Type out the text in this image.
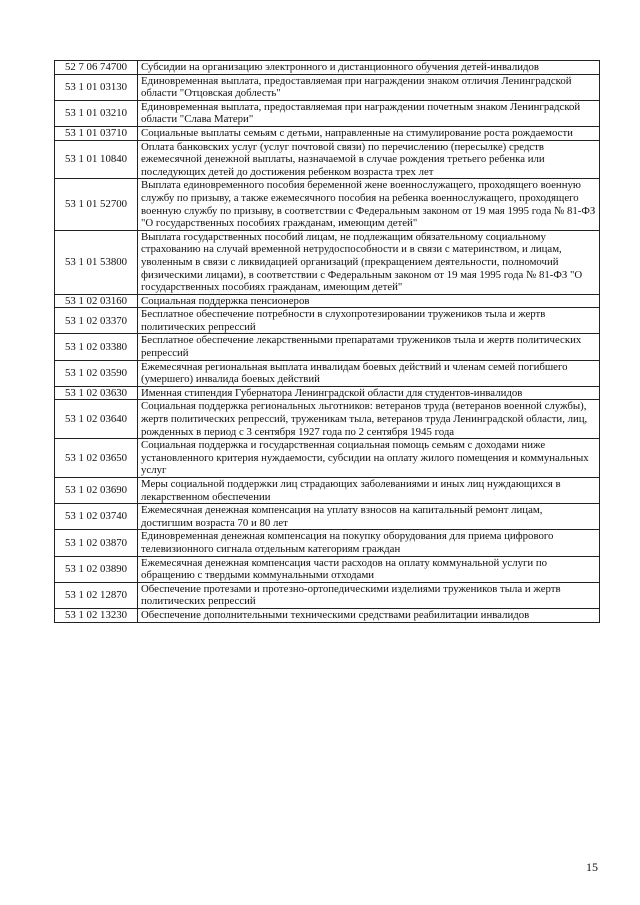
52 7 06 74700	Субсидии на организацию электронного и дистанционного обучения детей-инвалидов
53 1 01 03130	Единовременная выплата, предоставляемая при награждении знаком отличия Ленинградской области "Отцовская доблесть"
53 1 01 03210	Единовременная выплата, предоставляемая при награждении почетным знаком Ленинградской области "Слава Матери"
53 1 01 03710	Социальные выплаты семьям с детьми, направленные на стимулирование роста рождаемости
53 1 01 10840	Оплата банковских услуг (услуг почтовой связи) по перечислению (пересылке) средств ежемесячной денежной выплаты, назначаемой в случае рождения третьего ребенка или последующих детей до достижения ребенком возраста трех лет
53 1 01 52700	Выплата единовременного пособия беременной жене военнослужащего, проходящего военную службу по призыву, а также ежемесячного пособия на ребенка военнослужащего, проходящего военную службу по призыву, в соответствии с Федеральным законом от 19 мая 1995 года № 81-ФЗ "О государственных пособиях гражданам, имеющим детей"
53 1 01 53800	Выплата государственных пособий лицам, не подлежащим обязательному социальному страхованию на случай временной нетрудоспособности и в связи с материнством, и лицам, уволенным в связи с ликвидацией организаций (прекращением деятельности, полномочий физическими лицами), в соответствии с Федеральным законом от 19 мая 1995 года № 81-ФЗ "О государственных пособиях гражданам, имеющим детей"
53 1 02 03160	Социальная поддержка пенсионеров
53 1 02 03370	Бесплатное обеспечение потребности в слухопротезировании тружеников тыла и жертв политических репрессий
53 1 02 03380	Бесплатное обеспечение лекарственными препаратами тружеников тыла и жертв политических репрессий
53 1 02 03590	Ежемесячная региональная выплата инвалидам боевых действий и членам семей погибшего (умершего) инвалида боевых действий
53 1 02 03630	Именная стипендия Губернатора Ленинградской области для студентов-инвалидов
53 1 02 03640	Социальная поддержка региональных льготников: ветеранов труда (ветеранов военной службы), жертв политических репрессий, труженикам тыла, ветеранов труда Ленинградской области, лиц, рожденных в период с 3 сентября 1927 года по 2 сентября 1945 года
53 1 02 03650	Социальная поддержка и государственная социальная помощь семьям с доходами ниже установленного критерия нуждаемости, субсидии на оплату жилого помещения и коммунальных услуг
53 1 02 03690	Меры социальной поддержки лиц страдающих заболеваниями и иных лиц нуждающихся в лекарственном обеспечении
53 1 02 03740	Ежемесячная денежная компенсация на уплату взносов на капитальный ремонт лицам, достигшим возраста 70 и 80 лет
53 1 02 03870	Единовременная денежная компенсация на покупку оборудования для приема цифрового телевизионного сигнала отдельным категориям граждан
53 1 02 03890	Ежемесячная денежная компенсация части расходов на оплату коммунальной услуги по обращению с твердыми коммунальными отходами
53 1 02 12870	Обеспечение протезами и протезно-ортопедическими изделиями тружеников тыла и жертв политических репрессий
53 1 02 13230	Обеспечение дополнительными техническими средствами реабилитации инвалидов
15
